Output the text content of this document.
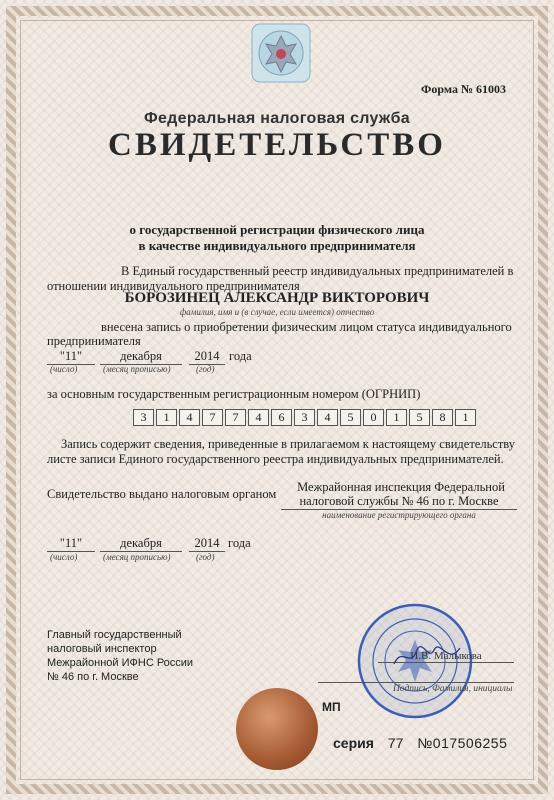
Форма № 61003
Федеральная налоговая служба
СВИДЕТЕЛЬСТВО
о государственной регистрации физического лица
в качестве индивидуального предпринимателя
В Единый государственный реестр индивидуальных предпринимателей в
отношении индивидуального предпринимателя
БОРОЗИНЕЦ АЛЕКСАНДР ВИКТОРОВИЧ
фамилия, имя и (в случае, если имеется) отчество
внесена запись о приобретении физическим лицом статуса индивидуального
предпринимателя
"11"	декабря	2014 года
(число)	(месяц прописью)	(год)
за основным государственным регистрационным номером (ОГРНИП)
3	1	4	7	7	4	6	3	4	5	0	1	5	8	1
Запись содержит сведения, приведенные в прилагаемом к настоящему свидетельству
листе записи Единого государственного реестра индивидуальных предпринимателей.
Свидетельство выдано налоговым органом	Межрайонная инспекция Федеральной
налоговой службы № 46 по г. Москве
наименование регистрирующего органа
"11"	декабря	2014 года
(число)	(месяц прописью)	(год)
Главный государственный
налоговый инспектор
Межрайонной ИФНС России
№ 46 по г. Москве
И.В. Малыкова
Подпись, Фамилия, инициалы
МП
серия 77 №017506255
